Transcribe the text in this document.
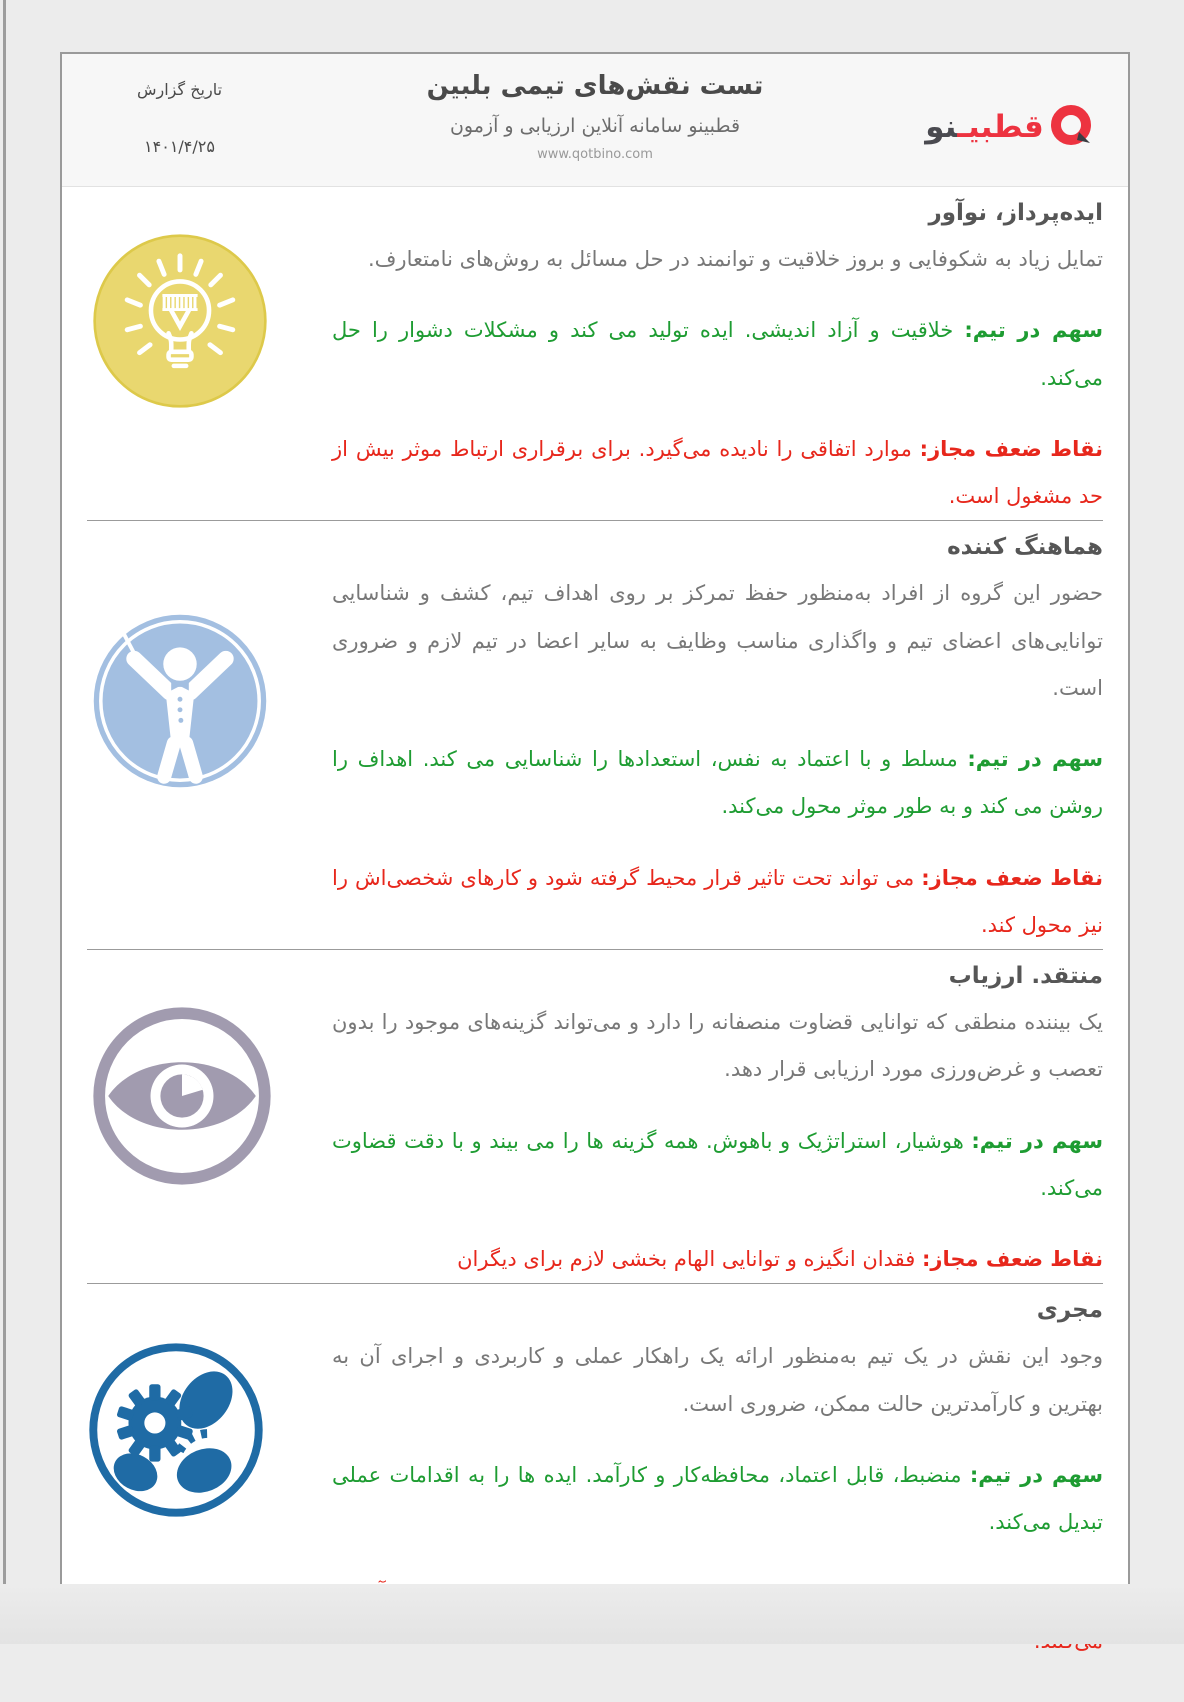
قطبيـنو
تست نقش‌های تیمی بلبین
قطبینو سامانه آنلاین ارزیابی و آزمون
www.qotbino.com
تاریخ گزارش
۱۴۰۱/۴/۲۵
ایده‌پرداز، نوآور

تمایل زیاد به شکوفایی و بروز خلاقیت و توانمند در حل مسائل به روش‌های نامتعارف.

سهم در تیم: خلاقیت و آزاد اندیشی. ایده تولید می کند و مشکلات دشوار را حل می‌کند.

نقاط ضعف مجاز: موارد اتفاقی را نادیده می‌گیرد. برای برقراری ارتباط موثر بیش از حد مشغول است.

هماهنگ کننده

حضور این گروه از افراد به‌منظور حفظ تمرکز بر روی اهداف تیم، کشف و شناسایی توانایی‌های اعضای تیم و واگذاری مناسب وظایف به سایر اعضا در تیم لازم و ضروری است.

سهم در تیم: مسلط و با اعتماد به نفس، استعدادها را شناسایی می کند. اهداف را روشن می کند و به طور موثر محول می‌کند.

نقاط ضعف مجاز: می تواند تحت تاثیر قرار محیط گرفته شود و کارهای شخصی‌اش را نیز محول کند.

منتقد. ارزیاب

یک بیننده منطقی که توانایی قضاوت منصفانه را دارد و می‌تواند گزینه‌های موجود را بدون تعصب و غرض‌ورزی مورد ارزیابی قرار دهد.

سهم در تیم: هوشیار، استراتژیک و باهوش. همه گزینه ها را می بیند و با دقت قضاوت می‌کند.

نقاط ضعف مجاز: فقدان انگیزه و توانایی الهام بخشی لازم برای دیگران

مجری

وجود این نقش در یک تیم به‌منظور ارائه یک راهکار عملی و کاربردی و اجرای آن به بهترین و کارآمدترین حالت ممکن، ضروری است.

سهم در تیم: منضبط، قابل اعتماد، محافظه‌کار و کارآمد. ایده ها را به اقدامات عملی تبدیل می‌کند.

نقاط ضعف مجاز: تا حدودی غیر قابل انعطاف، در پاسخ به درخواست‌های جدید آهسته می‌کنند.
